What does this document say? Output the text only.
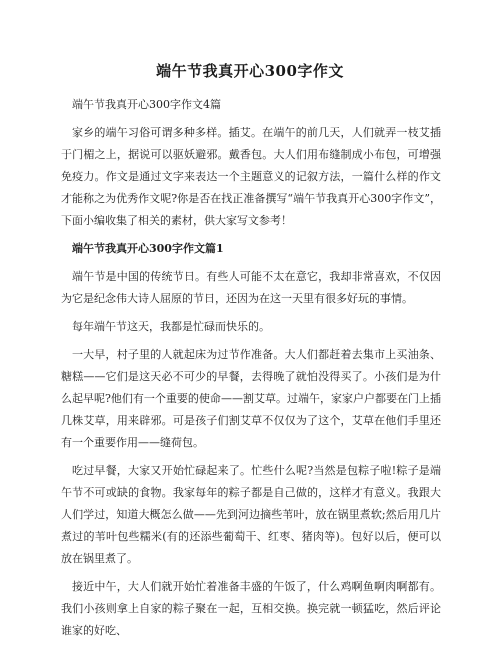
端午节我真开心300字作文

端午节我真开心300字作文4篇

家乡的端午习俗可谓多种多样。插艾。在端午的前几天，人们就弄一枝艾插于门楣之上，据说可以驱妖避邪。戴香包。大人们用布缝制成小布包，可增强免疫力。作文是通过文字来表达一个主题意义的记叙方法，一篇什么样的作文才能称之为优秀作文呢?你是否在找正准备撰写“端午节我真开心300字作文”，下面小编收集了相关的素材，供大家写文参考！

端午节我真开心300字作文篇1

端午节是中国的传统节日。有些人可能不太在意它，我却非常喜欢，不仅因为它是纪念伟大诗人屈原的节日，还因为在这一天里有很多好玩的事情。

每年端午节这天，我都是忙碌而快乐的。

一大早，村子里的人就起床为过节作准备。大人们都赶着去集市上买油条、糖糕——它们是这天必不可少的早餐，去得晚了就怕没得买了。小孩们是为什么起早呢?他们有一个重要的使命——割艾草。过端午，家家户户都要在门上插几株艾草，用来辟邪。可是孩子们割艾草不仅仅为了这个，艾草在他们手里还有一个重要作用——缝荷包。

吃过早餐，大家又开始忙碌起来了。忙些什么呢?当然是包粽子啦!粽子是端午节不可或缺的食物。我家每年的粽子都是自己做的，这样才有意义。我跟大人们学过，知道大概怎么做——先到河边摘些苇叶，放在锅里煮软;然后用几片煮过的苇叶包些糯米(有的还添些葡萄干、红枣、猪肉等)。包好以后，便可以放在锅里煮了。

接近中午，大人们就开始忙着准备丰盛的午饭了，什么鸡啊鱼啊肉啊都有。我们小孩则拿上自家的粽子聚在一起，互相交换。换完就一顿猛吃，然后评论谁家的好吃、
